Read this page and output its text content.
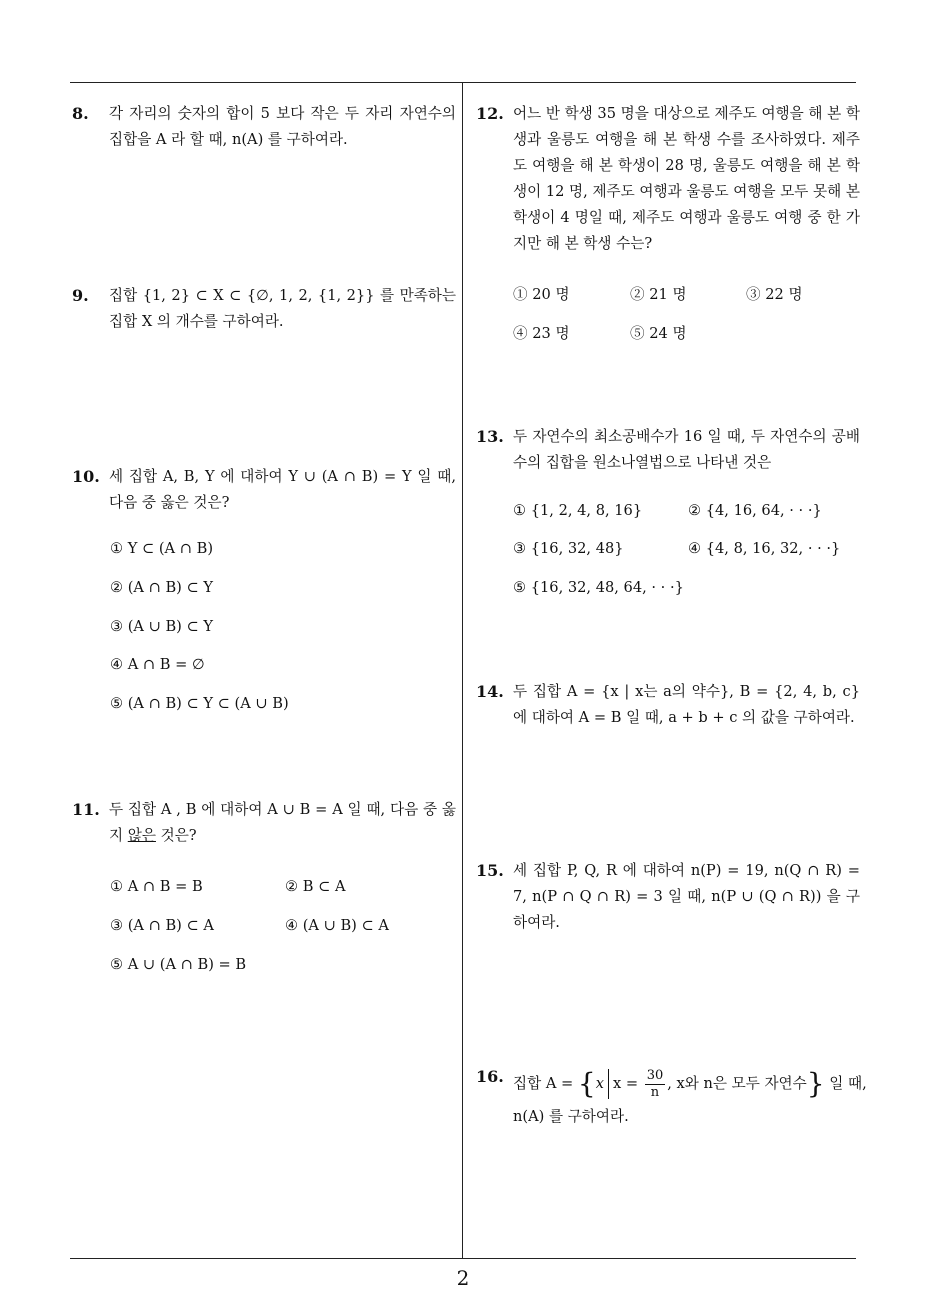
2
8. 각 자리의 숫자의 합이 5 보다 작은 두 자리 자연수의 집합을 A 라 할 때, n(A) 를 구하여라.
9. 집합 {1, 2} ⊂ X ⊂ {∅, 1, 2, {1, 2}} 를 만족하는 집합 X 의 개수를 구하여라.
10. 세 집합 A, B, Y 에 대하여 Y ∪ (A ∩ B) = Y 일 때, 다음 중 옳은 것은?
① Y ⊂ (A ∩ B)
② (A ∩ B) ⊂ Y
③ (A ∪ B) ⊂ Y
④ A ∩ B = ∅
⑤ (A ∩ B) ⊂ Y ⊂ (A ∪ B)
11. 두 집합 A , B 에 대하여 A ∪ B = A 일 때, 다음 중 옳지 않은 것은?
① A ∩ B = B	② B ⊂ A
③ (A ∩ B) ⊂ A	④ (A ∪ B) ⊂ A
⑤ A ∪ (A ∩ B) = B
12. 어느 반 학생 35 명을 대상으로 제주도 여행을 해 본 학생과 울릉도 여행을 해 본 학생 수를 조사하였다. 제주도 여행을 해 본 학생이 28 명, 울릉도 여행을 해 본 학생이 12 명, 제주도 여행과 울릉도 여행을 모두 못해 본 학생이 4 명일 때, 제주도 여행과 울릉도 여행 중 한 가지만 해 본 학생 수는?
① 20 명	② 21 명	③ 22 명
④ 23 명	⑤ 24 명
13. 두 자연수의 최소공배수가 16 일 때, 두 자연수의 공배수의 집합을 원소나열법으로 나타낸 것은
① {1, 2, 4, 8, 16}	② {4, 16, 64, · · ·}
③ {16, 32, 48}	④ {4, 8, 16, 32, · · ·}
⑤ {16, 32, 48, 64, · · ·}
14. 두 집합 A = {x | x는 a의 약수}, B = {2, 4, b, c} 에 대하여 A = B 일 때, a + b + c 의 값을 구하여라.
15. 세 집합 P, Q, R 에 대하여 n(P) = 19, n(Q ∩ R) = 7, n(P ∩ Q ∩ R) = 3 일 때, n(P ∪ (Q ∩ R)) 을 구하여라.
16. 집합 A = {x $x = \frac{30}{n}$ , x와 n은 모두 자연수} 일 때,
n(A) 를 구하여라.
